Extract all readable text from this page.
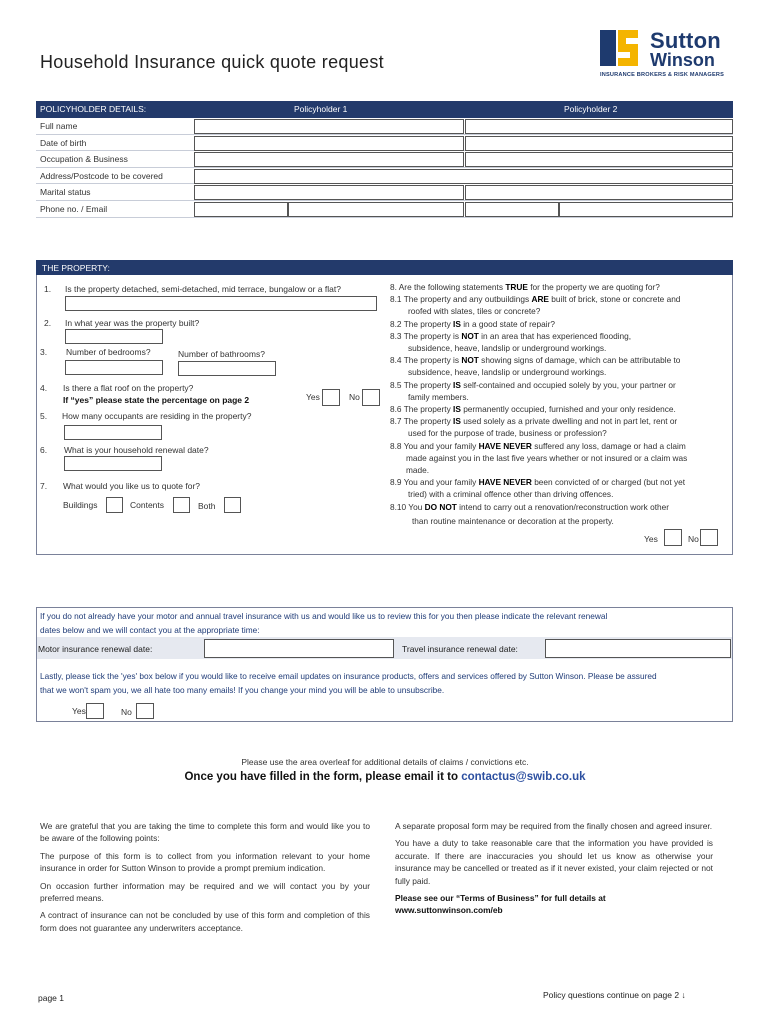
Household Insurance quick quote request
Sutton
Winson
INSURANCE BROKERS & RISK MANAGERS
POLICYHOLDER DETAILS:	Policyholder 1	Policyholder 2
Full name
Date of birth
Occupation & Business
Address/Postcode to be covered
Marital status
Phone no. / Email
THE PROPERTY:
1. Is the property detached, semi-detached, mid terrace, bungalow or a flat?
2. In what year was the property built?
3. Number of bedrooms?	Number of bathrooms?
4. Is there a flat roof on the property?
If “yes” please state the percentage on page 2	Yes	No
5. How many occupants are residing in the property?
6. What is your household renewal date?
7. What would you like us to quote for?
Buildings	Contents	Both
8. Are the following statements TRUE for the property we are quoting for?
8.1 The property and any outbuildings ARE built of brick, stone or concrete and
roofed with slates, tiles or concrete?
8.2 The property IS in a good state of repair?
8.3 The property is NOT in an area that has experienced flooding,
subsidence, heave, landslip or underground workings.
8.4 The property is NOT showing signs of damage, which can be attributable to
subsidence, heave, landslip or underground workings.
8.5 The property IS self-contained and occupied solely by you, your partner or
family members.
8.6 The property IS permanently occupied, furnished and your only residence.
8.7 The property IS used solely as a private dwelling and not in part let, rent or
used for the purpose of trade, business or profession?
8.8 You and your family HAVE NEVER suffered any loss, damage or had a claim
made against you in the last five years whether or not insured or a claim was
made.
8.9 You and your family HAVE NEVER been convicted of or charged (but not yet
tried) with a criminal offence other than driving offences.
8.10 You DO NOT intend to carry out a renovation/reconstruction work other
than routine maintenance or decoration at the property.
Yes	No
If you do not already have your motor and annual travel insurance with us and would like us to review this for you then please indicate the relevant renewal
dates below and we will contact you at the appropriate time:
Motor insurance renewal date:	Travel insurance renewal date:
Lastly, please tick the 'yes' box below if you would like to receive email updates on insurance products, offers and services offered by Sutton Winson. Please be assured
that we won't spam you, we all hate too many emails! If you change your mind you will be able to unsubscribe.
Yes	No
Please use the area overleaf for additional details of claims / convictions etc.
Once you have filled in the form, please email it to contactus@swib.co.uk

We are grateful that you are taking the time to complete this form and would like you to be aware of the following points:

The purpose of this form is to collect from you information relevant to your home insurance in order for Sutton Winson to provide a prompt premium indication.

On occasion further information may be required and we will contact you by your preferred means.

A contract of insurance can not be concluded by use of this form and completion of this form does not guarantee any underwriters acceptance.

A separate proposal form may be required from the finally chosen and agreed insurer.

You have a duty to take reasonable care that the information you have provided is accurate. If there are inaccuracies you should let us know as otherwise your insurance may be cancelled or treated as if it never existed, your claim rejected or not fully paid.

Please see our “Terms of Business” for full details at
www.suttonwinson.com/eb

page 1	Policy questions continue on page 2 ↓
